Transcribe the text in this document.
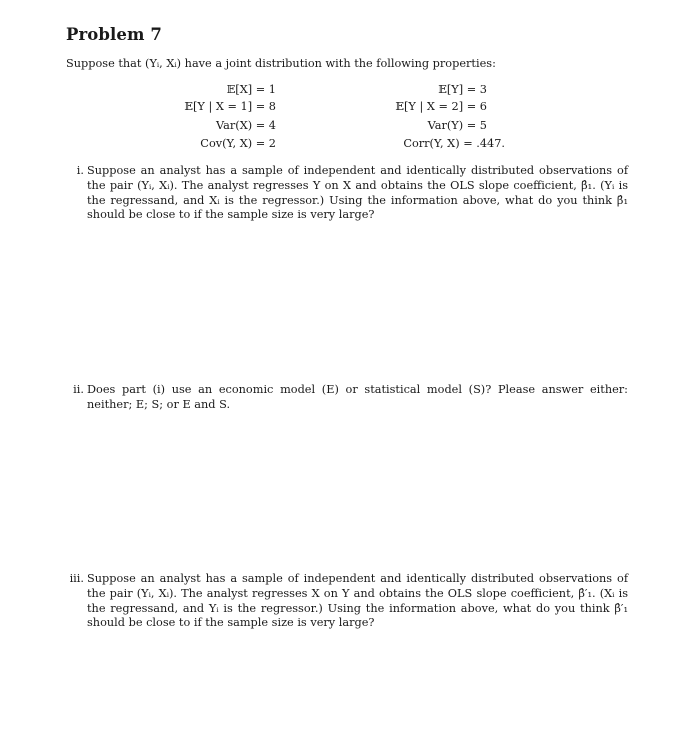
Problem 7
Suppose that (Yᵢ, Xᵢ) have a joint distribution with the following properties:
𝔼[X] = 1
𝔼[Y | X = 1] = 8
Var(X) = 4
Cov(Y, X) = 2
𝔼[Y] = 3
𝔼[Y | X = 2] = 6
Var(Y) = 5
Corr(Y, X) = .447.
i. Suppose an analyst has a sample of independent and identically distributed observations of the pair (Yᵢ, Xᵢ). The analyst regresses Y on X and obtains the OLS slope coefficient, β̂₁. (Yᵢ is the regressand, and Xᵢ is the regressor.) Using the information above, what do you think β̂₁ should be close to if the sample size is very large?
ii. Does part (i) use an economic model (E) or statistical model (S)? Please answer either: neither; E; S; or E and S.
iii. Suppose an analyst has a sample of independent and identically distributed observations of the pair (Yᵢ, Xᵢ). The analyst regresses X on Y and obtains the OLS slope coefficient, β̂′₁. (Xᵢ is the regressand, and Yᵢ is the regressor.) Using the information above, what do you think β̂′₁ should be close to if the sample size is very large?
